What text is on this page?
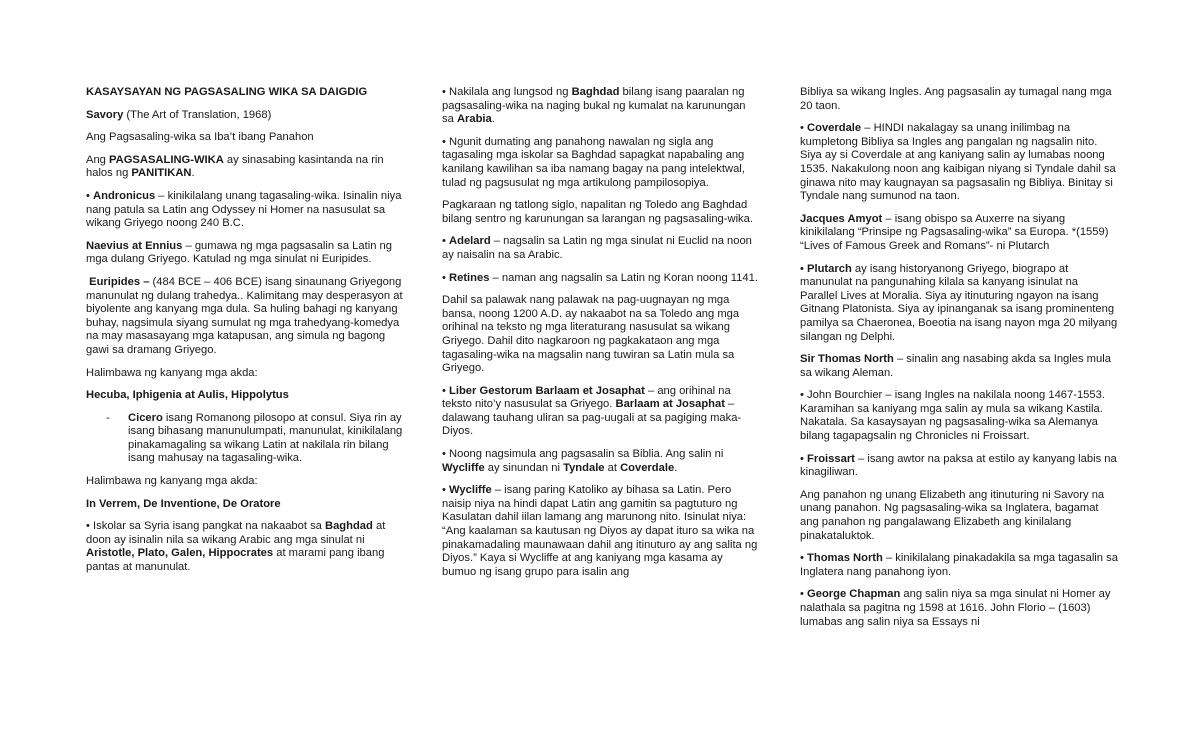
KASAYSAYAN NG PAGSASALING WIKA SA DAIGDIG

Savory (The Art of Translation, 1968)

Ang Pagsasaling-wika sa Iba’t ibang Panahon

Ang PAGSASALING-WIKA ay sinasabing kasintanda na rin halos ng PANITIKAN.

• Andronicus – kinikilalang unang tagasaling-wika. Isinalin niya nang patula sa Latin ang Odyssey ni Homer na nasusulat sa wikang Griyego noong 240 B.C.

Naevius at Ennius – gumawa ng mga pagsasalin sa Latin ng mga dulang Griyego. Katulad ng mga sinulat ni Euripides.

Euripides – (484 BCE – 406 BCE) isang sinaunang Griyegong manunulat ng dulang trahedya.. Kalimitang may desperasyon at biyolente ang kanyang mga dula. Sa huling bahagi ng kanyang buhay, nagsimula siyang sumulat ng mga trahedyang-komedya na may masasayang mga katapusan, ang simula ng bagong gawi sa dramang Griyego.

Halimbawa ng kanyang mga akda:

Hecuba, Iphigenia at Aulis, Hippolytus

-	Cicero isang Romanong pilosopo at consul. Siya rin ay isang bihasang manunulumpati, manunulat, kinikilalang pinakamagaling sa wikang Latin at nakilala rin bilang isang mahusay na tagasaling-wika.

Halimbawa ng kanyang mga akda:

In Verrem, De Inventione, De Oratore

• Iskolar sa Syria isang pangkat na nakaabot sa Baghdad at doon ay isinalin nila sa wikang Arabic ang mga sinulat ni Aristotle, Plato, Galen, Hippocrates at marami pang ibang pantas at manunulat.

• Nakilala ang lungsod ng Baghdad bilang isang paaralan ng pagsasaling-wika na naging bukal ng kumalat na karunungan sa Arabia.

• Ngunit dumating ang panahong nawalan ng sigla ang tagasaling mga iskolar sa Baghdad sapagkat napabaling ang kanilang kawilihan sa iba namang bagay na pang intelektwal, tulad ng pagsusulat ng mga artikulong pampilosopiya.

Pagkaraan ng tatlong siglo, napalitan ng Toledo ang Baghdad bilang sentro ng karunungan sa larangan ng pagsasaling-wika.

• Adelard – nagsalin sa Latin ng mga sinulat ni Euclid na noon ay naisalin na sa Arabic.

• Retines – naman ang nagsalin sa Latin ng Koran noong 1141.

Dahil sa palawak nang palawak na pag-uugnayan ng mga bansa, noong 1200 A.D. ay nakaabot na sa Toledo ang mga orihinal na teksto ng mga literaturang nasusulat sa wikang Griyego. Dahil dito nagkaroon ng pagkakataon ang mga tagasaling-wika na magsalin nang tuwiran sa Latin mula sa Griyego.

• Liber Gestorum Barlaam et Josaphat – ang orihinal na teksto nito’y nasusulat sa Griyego. Barlaam at Josaphat – dalawang tauhang uliran sa pag-uugali at sa pagiging maka-Diyos.

• Noong nagsimula ang pagsasalin sa Biblia. Ang salin ni Wycliffe ay sinundan ni Tyndale at Coverdale.

• Wycliffe – isang paring Katoliko ay bihasa sa Latin. Pero naisip niya na hindi dapat Latin ang gamitin sa pagtuturo ng Kasulatan dahil iilan lamang ang marunong nito. Isinulat niya: “Ang kaalaman sa kautusan ng Diyos ay dapat ituro sa wika na pinakamadaling maunawaan dahil ang itinuturo ay ang salita ng Diyos.” Kaya si Wycliffe at ang kaniyang mga kasama ay bumuo ng isang grupo para isalin ang

Bibliya sa wikang Ingles. Ang pagsasalin ay tumagal nang mga 20 taon.

• Coverdale – HINDI nakalagay sa unang inilimbag na kumpletong Bibliya sa Ingles ang pangalan ng nagsalin nito. Siya ay si Coverdale at ang kaniyang salin ay lumabas noong 1535. Nakakulong noon ang kaibigan niyang si Tyndale dahil sa ginawa nito may kaugnayan sa pagsasalin ng Bibliya. Binitay si Tyndale nang sumunod na taon.

Jacques Amyot – isang obispo sa Auxerre na siyang kinikilalang “Prinsipe ng Pagsasaling-wika” sa Europa. *(1559) “Lives of Famous Greek and Romans”- ni Plutarch

• Plutarch ay isang historyanong Griyego, biograpo at manunulat na pangunahing kilala sa kanyang isinulat na Parallel Lives at Moralia. Siya ay itinuturing ngayon na isang Gitnang Platonista. Siya ay ipinanganak sa isang prominenteng pamilya sa Chaeronea, Boeotia na isang nayon mga 20 milyang silangan ng Delphi.

Sir Thomas North – sinalin ang nasabing akda sa Ingles mula sa wikang Aleman.

• John Bourchier – isang Ingles na nakilala noong 1467-1553. Karamihan sa kaniyang mga salin ay mula sa wikang Kastila. Nakatala. Sa kasaysayan ng pagsasaling-wika sa Alemanya bilang tagapagsalin ng Chronicles ni Froissart.

• Froissart – isang awtor na paksa at estilo ay kanyang labis na kinagiliwan.

Ang panahon ng unang Elizabeth ang itinuturing ni Savory na unang panahon. Ng pagsasaling-wika sa Inglatera, bagamat ang panahon ng pangalawang Elizabeth ang kinilalang pinakataluktok.

• Thomas North – kinikilalang pinakadakila sa mga tagasalin sa Inglatera nang panahong iyon.

• George Chapman ang salin niya sa mga sinulat ni Homer ay nalathala sa pagitna ng 1598 at 1616. John Florio – (1603) lumabas ang salin niya sa Essays ni
